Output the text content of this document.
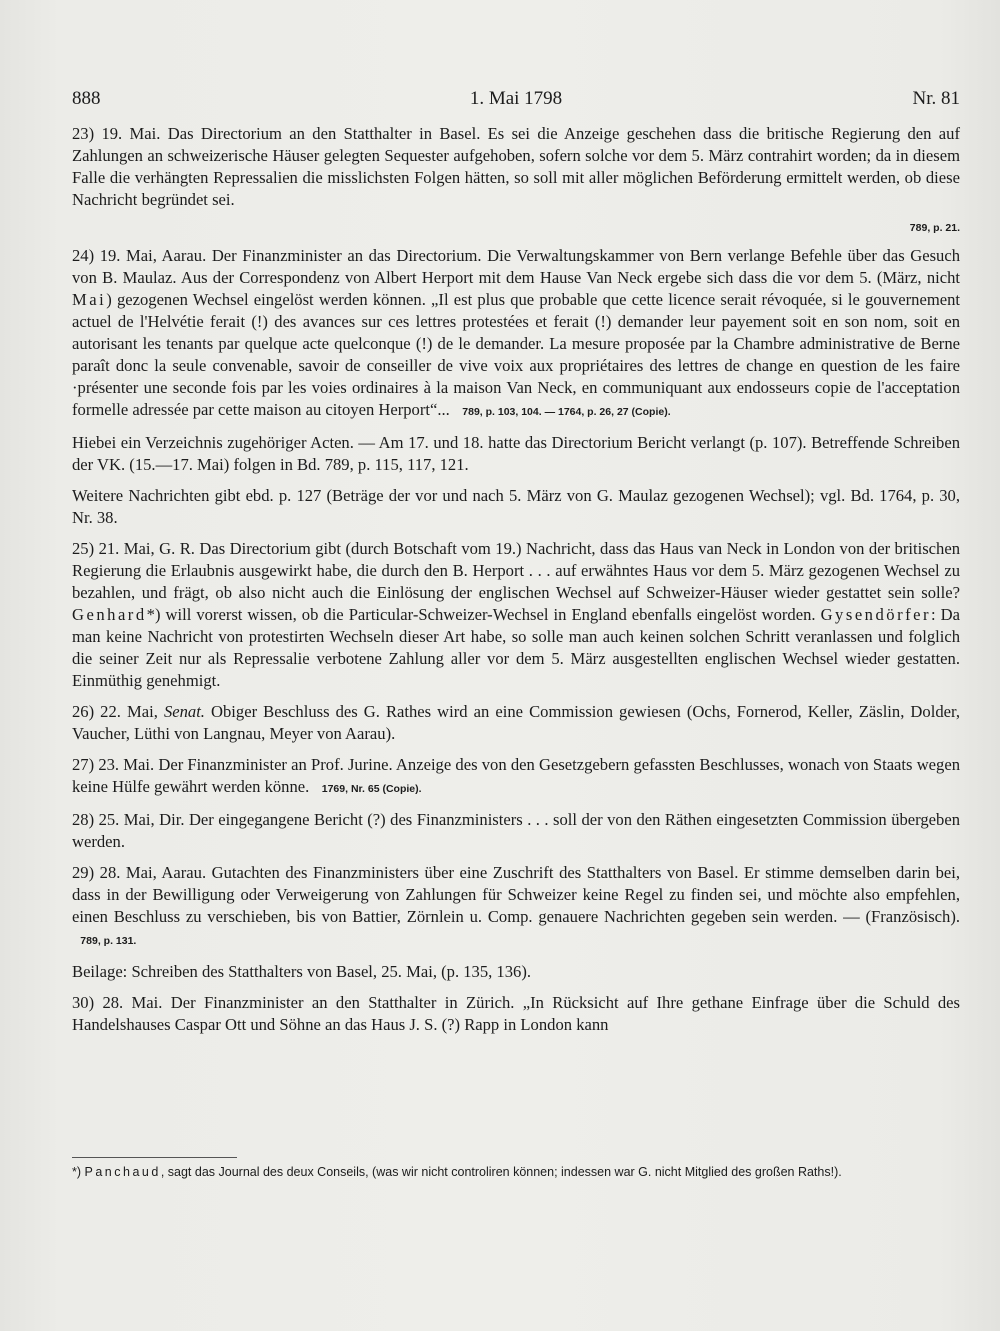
888	1. Mai 1798	Nr. 81

23) 19. Mai. Das Directorium an den Statthalter in Basel. Es sei die Anzeige geschehen dass die britische Regierung den auf Zahlungen an schweizerische Häuser gelegten Sequester aufgehoben, sofern solche vor dem 5. März contrahirt worden; da in diesem Falle die verhängten Repressalien die misslichsten Folgen hätten, so soll mit aller möglichen Beförderung ermittelt werden, ob diese Nachricht begründet sei.

789, p. 21.

24) 19. Mai, Aarau. Der Finanzminister an das Directorium. Die Verwaltungskammer von Bern verlange Befehle über das Gesuch von B. Maulaz. Aus der Correspondenz von Albert Herport mit dem Hause Van Neck ergebe sich dass die vor dem 5. (März, nicht Mai) gezogenen Wechsel eingelöst werden können. „Il est plus que probable que cette licence serait révoquée, si le gouvernement actuel de l'Helvétie ferait (!) des avances sur ces lettres protestées et ferait (!) demander leur payement soit en son nom, soit en autorisant les tenants par quelque acte quelconque (!) de le demander. La mesure proposée par la Chambre administrative de Berne paraît donc la seule convenable, savoir de conseiller de vive voix aux propriétaires des lettres de change en question de les faire ·présenter une seconde fois par les voies ordinaires à la maison Van Neck, en communiquant aux endosseurs copie de l'acceptation formelle adressée par cette maison au citoyen Herport“... 789, p. 103, 104. — 1764, p. 26, 27 (Copie).

Hiebei ein Verzeichnis zugehöriger Acten. — Am 17. und 18. hatte das Directorium Bericht verlangt (p. 107). Betreffende Schreiben der VK. (15.—17. Mai) folgen in Bd. 789, p. 115, 117, 121.

Weitere Nachrichten gibt ebd. p. 127 (Beträge der vor und nach 5. März von G. Maulaz gezogenen Wechsel); vgl. Bd. 1764, p. 30, Nr. 38.

25) 21. Mai, G. R. Das Directorium gibt (durch Botschaft vom 19.) Nachricht, dass das Haus van Neck in London von der britischen Regierung die Erlaubnis ausgewirkt habe, die durch den B. Herport . . . auf erwähntes Haus vor dem 5. März gezogenen Wechsel zu bezahlen, und frägt, ob also nicht auch die Einlösung der englischen Wechsel auf Schweizer-Häuser wieder gestattet sein solle? Genhard*) will vorerst wissen, ob die Particular-Schweizer-Wechsel in England ebenfalls eingelöst worden. Gysendörfer: Da man keine Nachricht von protestirten Wechseln dieser Art habe, so solle man auch keinen solchen Schritt veranlassen und folglich die seiner Zeit nur als Repressalie verbotene Zahlung aller vor dem 5. März ausgestellten englischen Wechsel wieder gestatten. Einmüthig genehmigt.

26) 22. Mai, Senat. Obiger Beschluss des G. Rathes wird an eine Commission gewiesen (Ochs, Fornerod, Keller, Zäslin, Dolder, Vaucher, Lüthi von Langnau, Meyer von Aarau).

27) 23. Mai. Der Finanzminister an Prof. Jurine. Anzeige des von den Gesetzgebern gefassten Beschlusses, wonach von Staats wegen keine Hülfe gewährt werden könne. 1769, Nr. 65 (Copie).

28) 25. Mai, Dir. Der eingegangene Bericht (?) des Finanzministers . . . soll der von den Räthen eingesetzten Commission übergeben werden.

29) 28. Mai, Aarau. Gutachten des Finanzministers über eine Zuschrift des Statthalters von Basel. Er stimme demselben darin bei, dass in der Bewilligung oder Verweigerung von Zahlungen für Schweizer keine Regel zu finden sei, und möchte also empfehlen, einen Beschluss zu verschieben, bis von Battier, Zörnlein u. Comp. genauere Nachrichten gegeben sein werden. — (Französisch).   789, p. 131.

Beilage: Schreiben des Statthalters von Basel, 25. Mai, (p. 135, 136).

30) 28. Mai. Der Finanzminister an den Statthalter in Zürich. „In Rücksicht auf Ihre gethane Einfrage über die Schuld des Handelshauses Caspar Ott und Söhne an das Haus J. S. (?) Rapp in London kann

*) Panchaud, sagt das Journal des deux Conseils, (was wir nicht controliren können; indessen war G. nicht Mitglied des großen Raths!).
